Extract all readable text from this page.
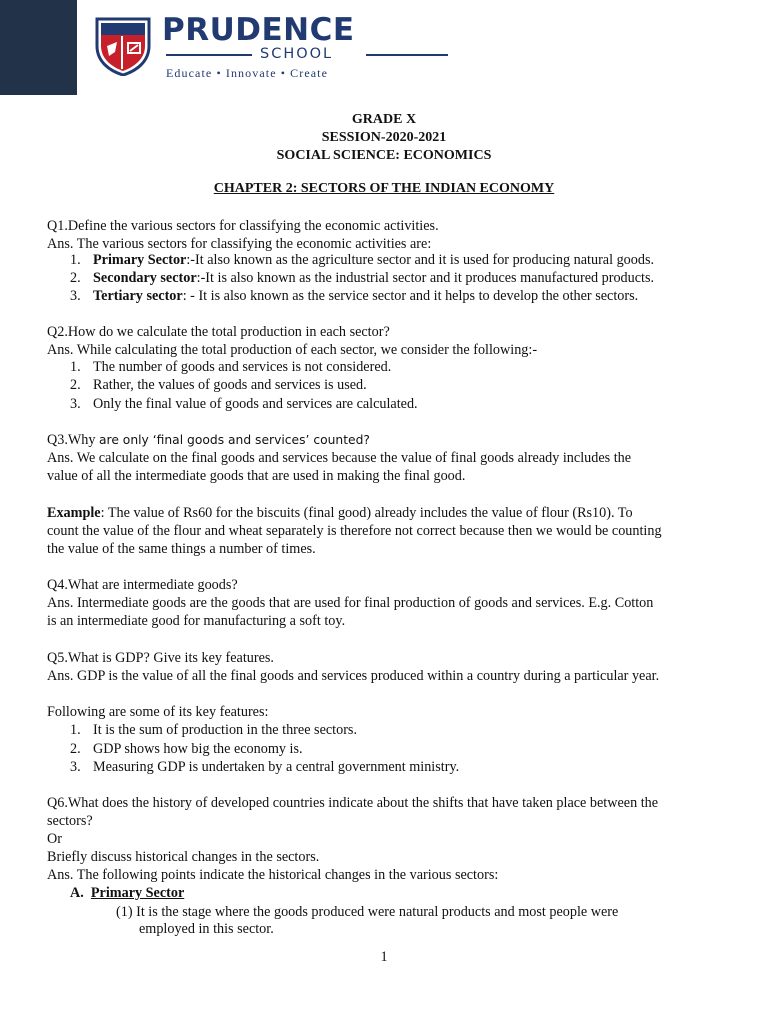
PRUDENCE
SCHOOL
Educate • Innovate • Create
GRADE X
SESSION-2020-2021
SOCIAL SCIENCE: ECONOMICS
CHAPTER 2: SECTORS OF THE INDIAN ECONOMY
Q1.Define the various sectors for classifying the economic activities.
Ans. The various sectors for classifying the economic activities are:
1. Primary Sector:-It also known as the agriculture sector and it is used for producing natural goods.
2. Secondary sector:-It is also known as the industrial sector and it produces manufactured products.
3. Tertiary sector: - It is also known as the service sector and it helps to develop the other sectors.
Q2.How do we calculate the total production in each sector?
Ans. While calculating the total production of each sector, we consider the following:-
1. The number of goods and services is not considered.
2. Rather, the values of goods and services is used.
3. Only the final value of goods and services are calculated.
Q3.Why are only ‘final goods and services’ counted?
Ans. We calculate on the final goods and services because the value of final goods already includes the
value of all the intermediate goods that are used in making the final good.
Example: The value of Rs60 for the biscuits (final good) already includes the value of flour (Rs10). To
count the value of the flour and wheat separately is therefore not correct because then we would be counting
the value of the same things a number of times.
Q4.What are intermediate goods?
Ans. Intermediate goods are the goods that are used for final production of goods and services. E.g. Cotton
is an intermediate good for manufacturing a soft toy.
Q5.What is GDP? Give its key features.
Ans. GDP is the value of all the final goods and services produced within a country during a particular year.
Following are some of its key features:
1. It is the sum of production in the three sectors.
2. GDP shows how big the economy is.
3. Measuring GDP is undertaken by a central government ministry.
Q6.What does the history of developed countries indicate about the shifts that have taken place between the
sectors?
Or
Briefly discuss historical changes in the sectors.
Ans. The following points indicate the historical changes in the various sectors:
A. Primary Sector
(1) It is the stage where the goods produced were natural products and most people were
employed in this sector.
1
